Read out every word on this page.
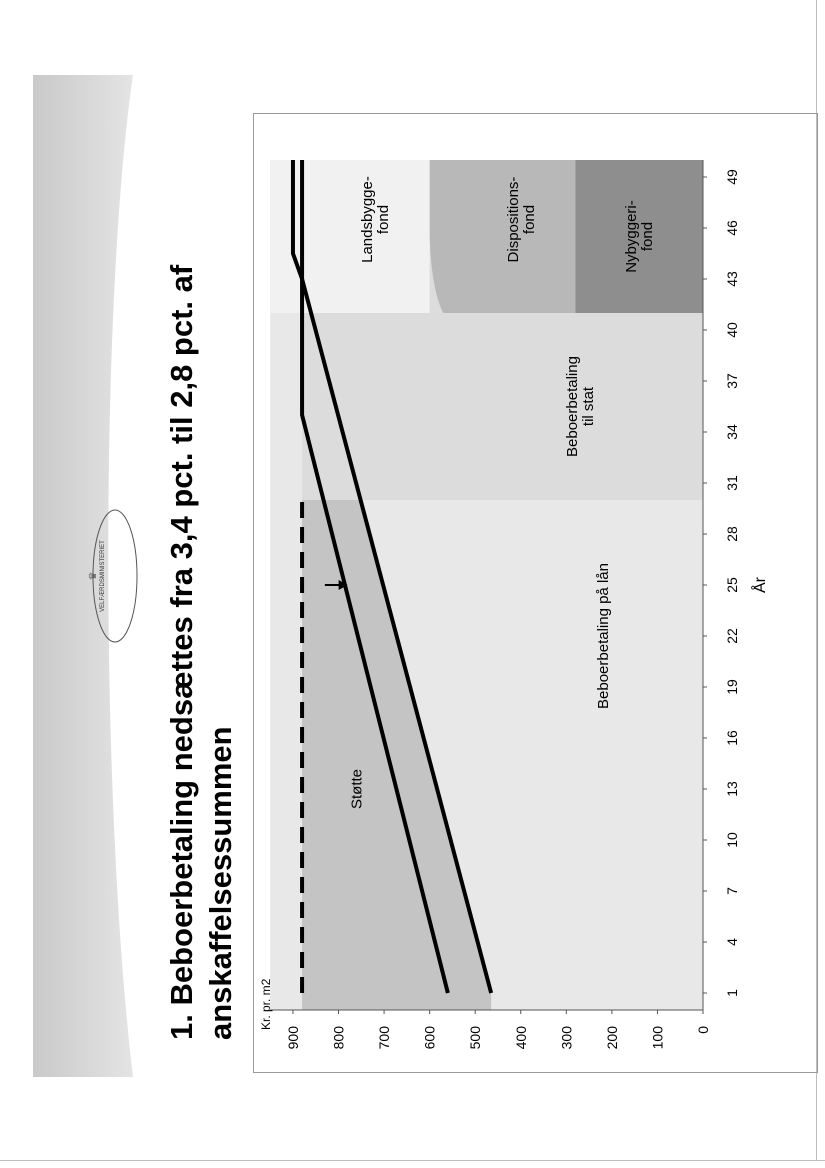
VELFÆRDSMINISTERIET
♛ 1. Beboerbetaling nedsættes fra 3,4 pct. til 2,8 pct. af anskaffelsessummen	0
100
200
300
400
500
600
700
800
900
1
4
7
10
13
16
19
22
25
28
31
34
37
40
43
46
49
Kr. pr. m2
År
Støtte
Beboerbetaling på lån
Beboerbetaling til stat
Landsbygge- fond	Dispositions- fond	Nybyggeri- fond
